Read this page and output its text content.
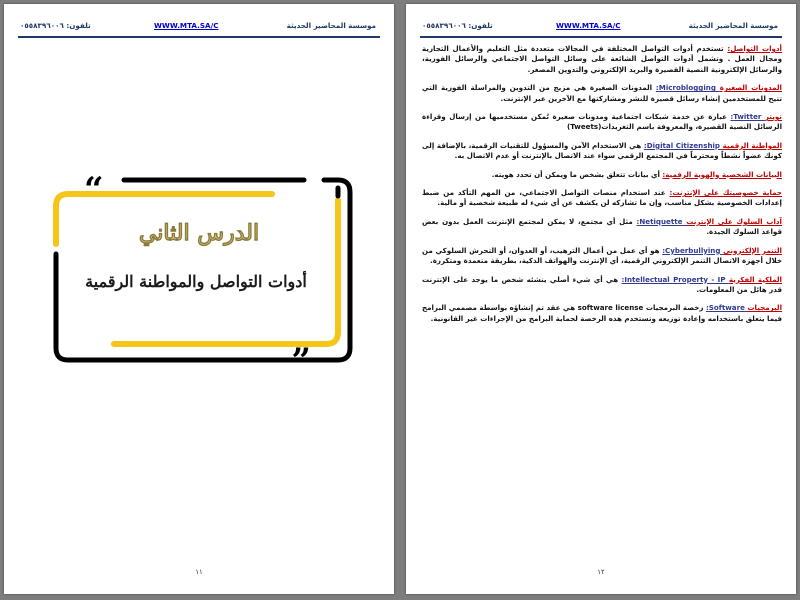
تلفون: ٠٥٥٨٣٩٦٠٠٦	WWW.MTA.SA/C	موسسة المحاضير الحديثة
“
„
الدرس الثاني
أدوات التواصل والمواطنة الرقمية
١١
تلفون: ٠٥٥٨٣٩٦٠٠٦	WWW.MTA.SA/C	موسسة المحاضير الحديثة
أدوات التواصل: تستخدم أدوات التواصل المختلفة في المجالات متعددة مثل التعليم والأعمال التجارية ومجال العمل . وتشمل أدوات التواصل الشائعة على وسائل التواصل الاجتماعي والرسائل الفورية، والرسائل الإلكترونية النصية القصيرة والبريد الإلكتروني والتدوين المصغر.
المدونات الصغيرة Microblogging: المدونات الصغيرة هي مزيج من التدوين والمراسلة الفورية التي تتيح للمستخدمين إنشاء رسائل قصيرة للنشر ومشاركتها مع الآخرين عبر الإنترنت.
تويتر Twitter: عبارة عن خدمة شبكات اجتماعية ومدونات صغيرة تُمكن مستخدميها من إرسال وقراءة الرسائل النصية القصيرة، والمعروفة باسم التغريدات(Tweets)
المواطنة الرقمية Digital Citizenship: هي الاستخدام الآمن والمسؤول للتقنيات الرقمية، بالإضافة إلى كونك عضواً نشطاً ومحترماً في المجتمع الرقمي سواء عند الاتصال بالإنترنت أو عدم الاتصال به.
البيانات الشخصية والهوية الرقمية: أي بيانات تتعلق بشخص ما ويمكن أن تحدد هويته.
حماية خصوصيتك على الإنترنت: عند استخدام منصات التواصل الاجتماعي، من المهم التأكد من ضبط إعدادات الخصوصية بشكل مناسب، وإن ما تشاركه لن يكشف عن أي شيء له طبيعة شخصية أو مالية.
آداب السلوك على الإنترنت Netiquette: مثل أي مجتمع، لا يمكن لمجتمع الإنترنت العمل بدون بعض قواعد السلوك الجيدة.
التنمر الإلكتروني Cyberbullying: هو أي عمل من أعمال الترهيب، أو العدوان، أو التحرش السلوكي من خلال أجهزة الاتصال التنمر الإلكتروني الرقمية، أي الإنترنت والهواتف الذكية، بطريقة متعمدة ومتكررة.
الملكية الفكرية Intellectual Property - IP: هي أي شيء أصلي ينشئه شخص ما يوجد على الإنترنت قدر هائل من المعلومات.
البرمجيات Software: رخصة البرمجيات software license هي عقد تم إنشاؤه بواسطة مصممي البرامج فيما يتعلق باستخدامه وإعادة توزيعه وتستخدم هذه الرخصة لحماية البرامج من الإجراءات غير القانونية.
١٢
